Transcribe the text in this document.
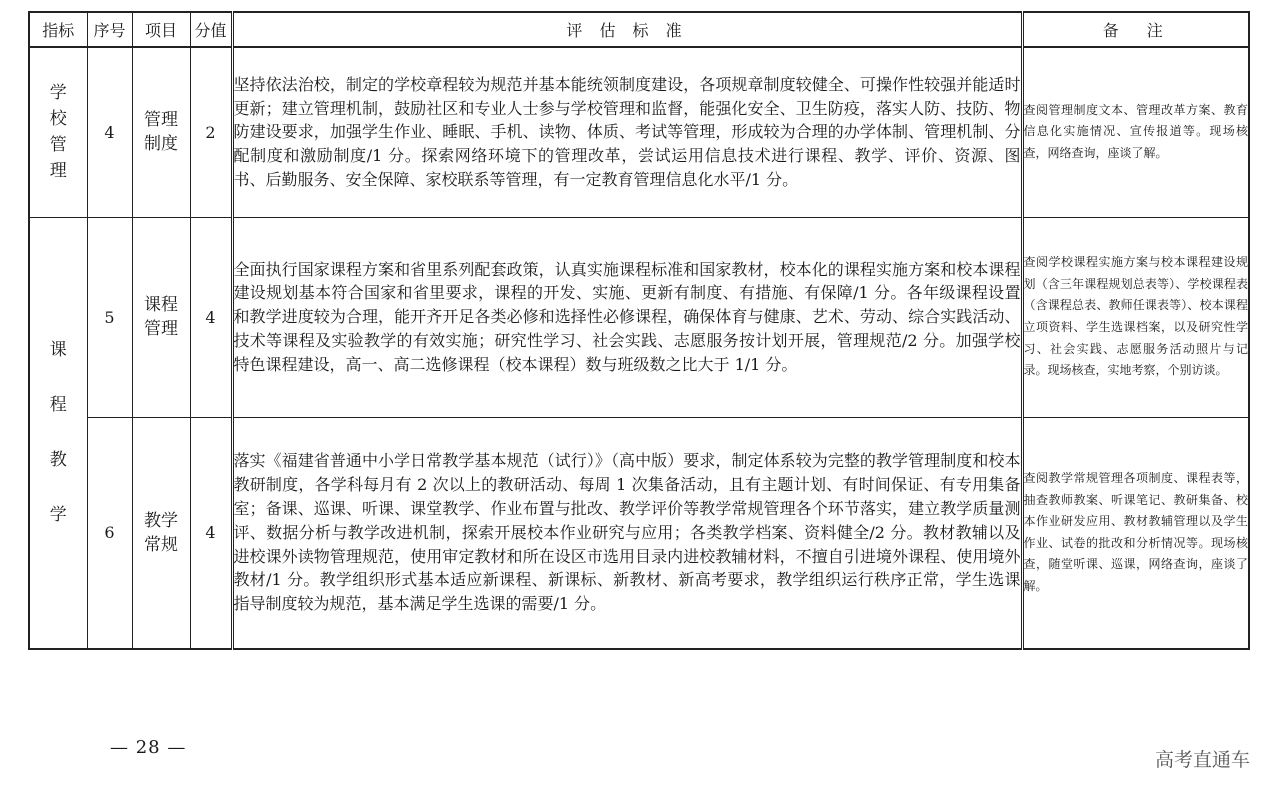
指标	序号	项目	分值	评 估 标 准	备　注
学校管理	4	管理制度	2	坚持依法治校，制定的学校章程较为规范并基本能统领制度建设，各项规章制度较健全、可操作性较强并能适时更新；建立管理机制，鼓励社区和专业人士参与学校管理和监督，能强化安全、卫生防疫，落实人防、技防、物防建设要求，加强学生作业、睡眠、手机、读物、体质、考试等管理，形成较为合理的办学体制、管理机制、分配制度和激励制度/1 分。探索网络环境下的管理改革，尝试运用信息技术进行课程、教学、评价、资源、图书、后勤服务、安全保障、家校联系等管理，有一定教育管理信息化水平/1 分。	查阅管理制度文本、管理改革方案、教育信息化实施情况、宣传报道等。现场核查，网络查询，座谈了解。
课程教学	5	课程管理	4	全面执行国家课程方案和省里系列配套政策，认真实施课程标准和国家教材，校本化的课程实施方案和校本课程建设规划基本符合国家和省里要求，课程的开发、实施、更新有制度、有措施、有保障/1 分。各年级课程设置和教学进度较为合理，能开齐开足各类必修和选择性必修课程，确保体育与健康、艺术、劳动、综合实践活动、技术等课程及实验教学的有效实施；研究性学习、社会实践、志愿服务按计划开展，管理规范/2 分。加强学校特色课程建设，高一、高二选修课程（校本课程）数与班级数之比大于 1/1 分。	查阅学校课程实施方案与校本课程建设规划（含三年课程规划总表等）、学校课程表（含课程总表、教师任课表等）、校本课程立项资料、学生选课档案，以及研究性学习、社会实践、志愿服务活动照片与记录。现场核查，实地考察，个别访谈。
	6	教学常规	4	落实《福建省普通中小学日常教学基本规范（试行）》（高中版）要求，制定体系较为完整的教学管理制度和校本教研制度，各学科每月有 2 次以上的教研活动、每周 1 次集备活动，且有主题计划、有时间保证、有专用集备室；备课、巡课、听课、课堂教学、作业布置与批改、教学评价等教学常规管理各个环节落实，建立教学质量测评、数据分析与教学改进机制，探索开展校本作业研究与应用；各类教学档案、资料健全/2 分。教材教辅以及进校课外读物管理规范，使用审定教材和所在设区市选用目录内进校教辅材料，不擅自引进境外课程、使用境外教材/1 分。教学组织形式基本适应新课程、新课标、新教材、新高考要求，教学组织运行秩序正常，学生选课指导制度较为规范，基本满足学生选课的需要/1 分。	查阅教学常规管理各项制度、课程表等，抽查教师教案、听课笔记、教研集备、校本作业研发应用、教材教辅管理以及学生作业、试卷的批改和分析情况等。现场核查，随堂听课、巡课，网络查询，座谈了解。
— 28 —
高考直通车
